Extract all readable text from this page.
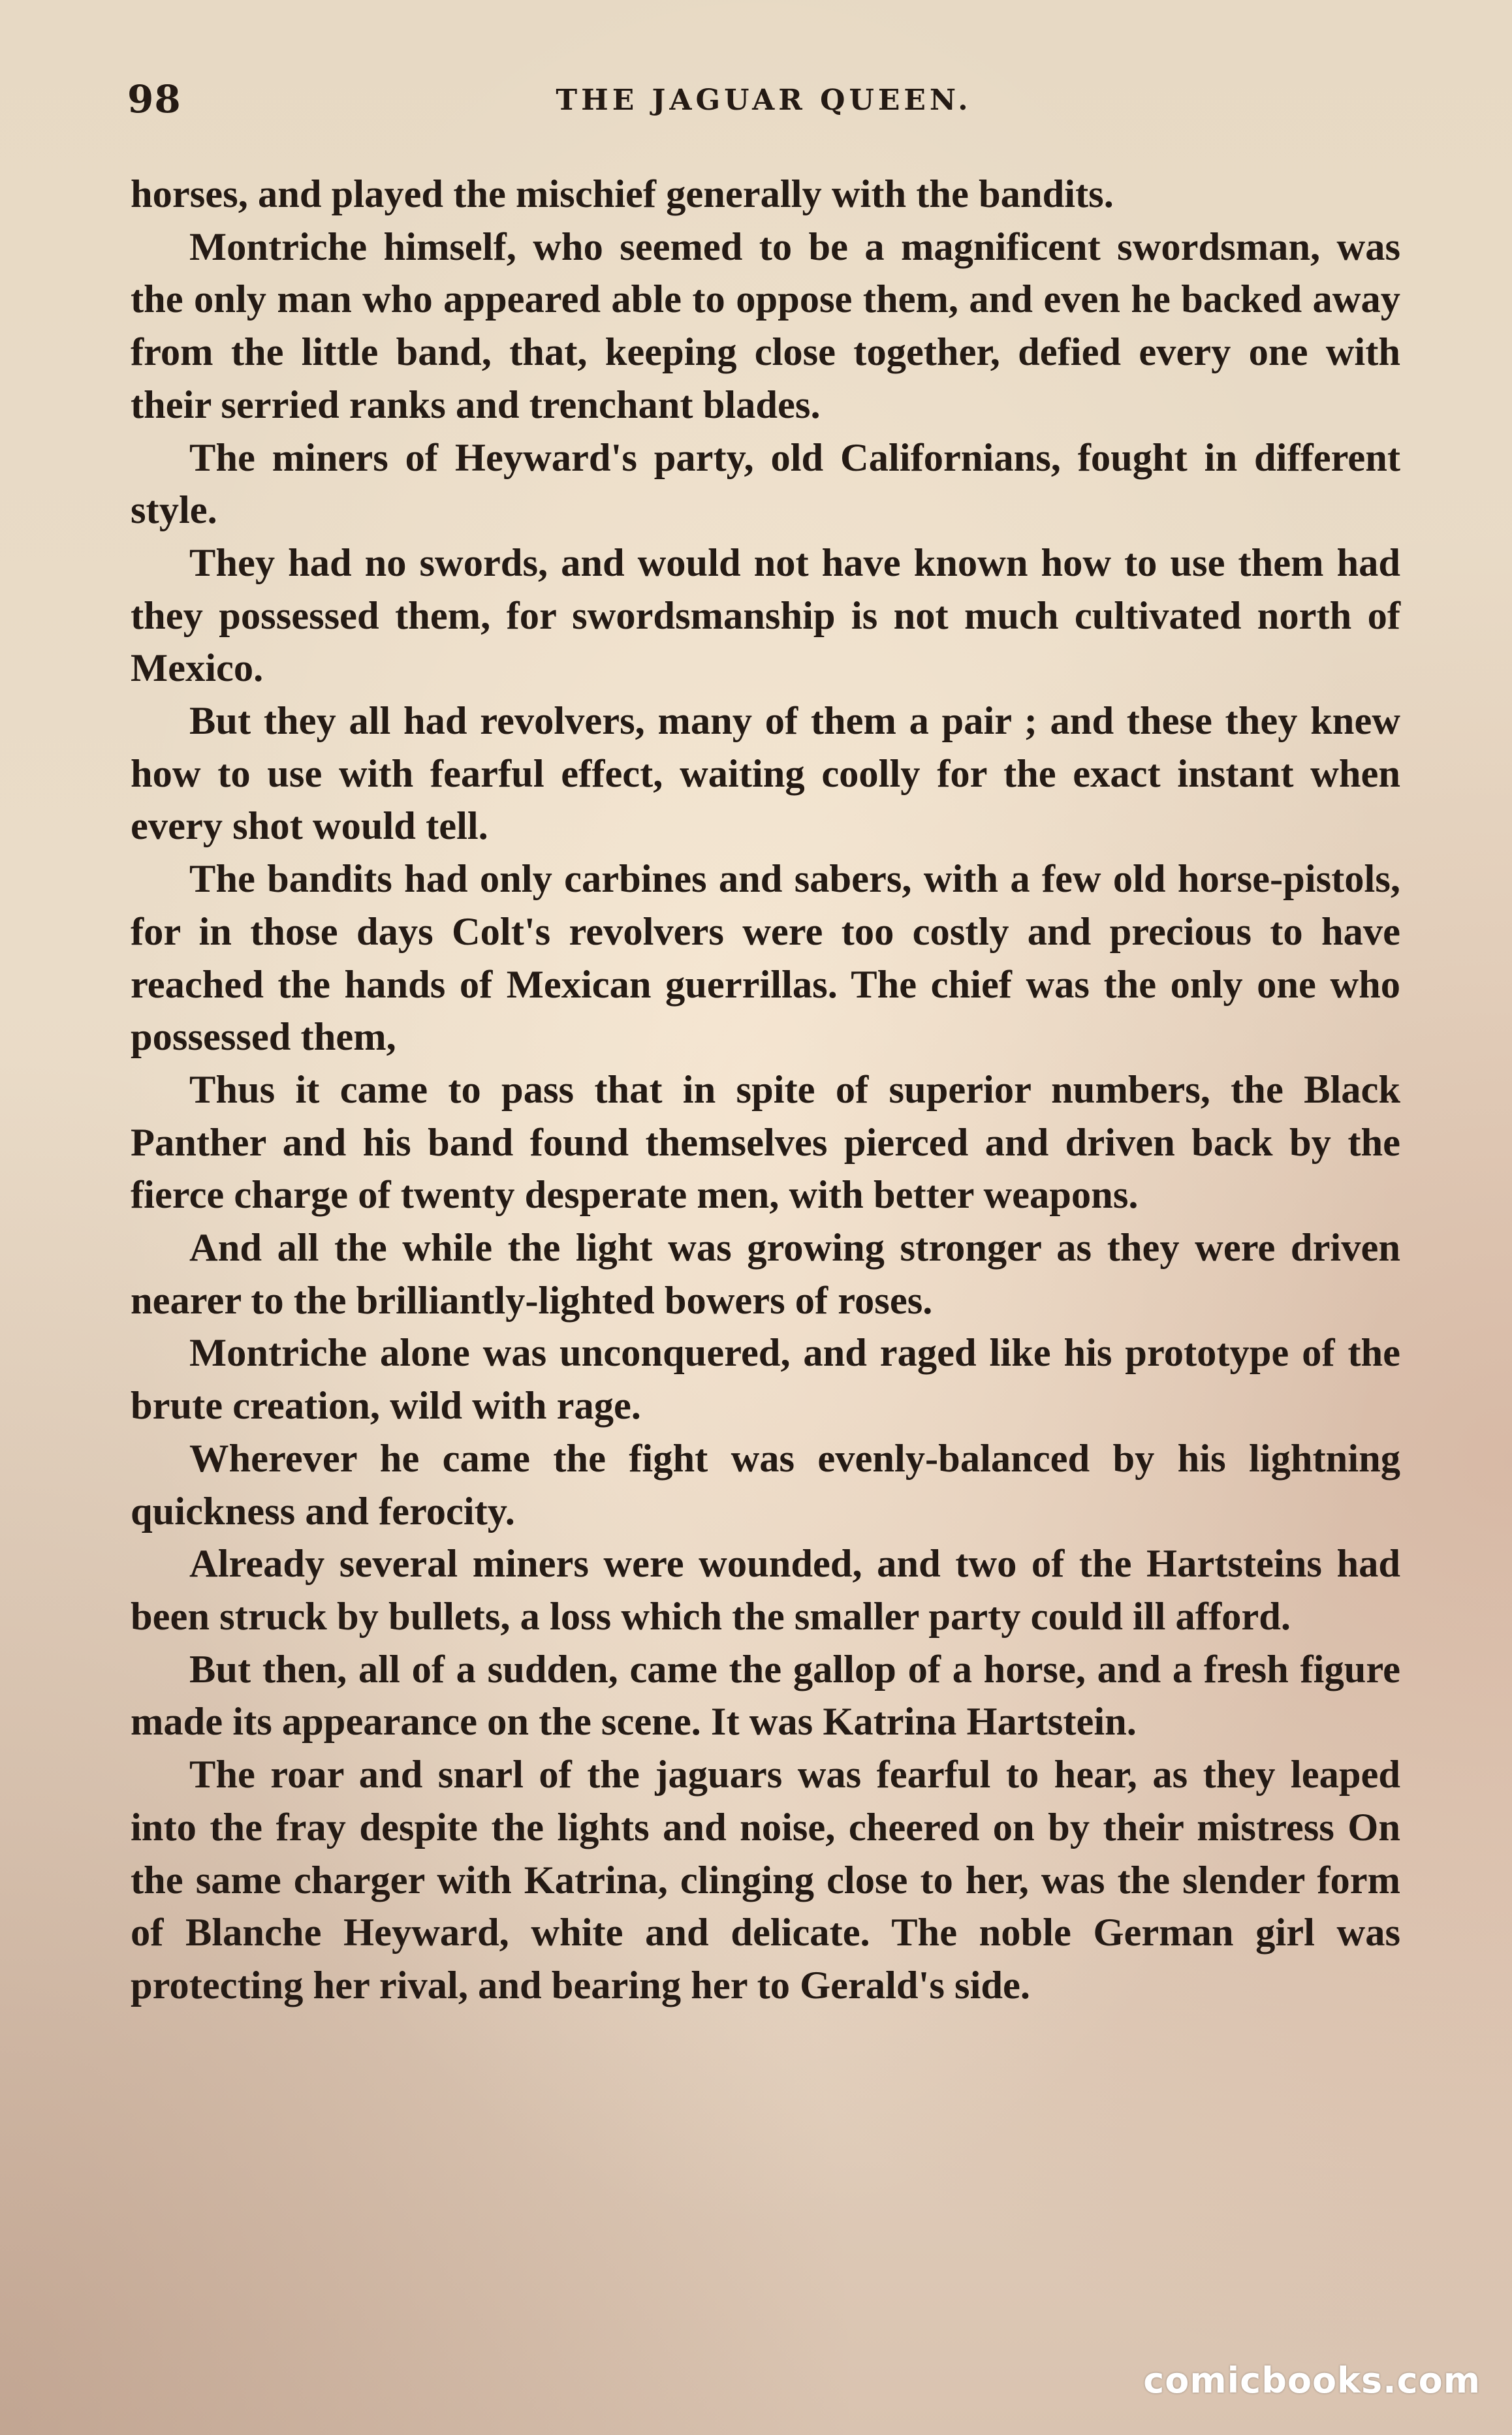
98	THE JAGUAR QUEEN.

horses, and played the mischief generally with the bandits.

Montriche himself, who seemed to be a magnificent swordsman, was the only man who appeared able to oppose them, and even he backed away from the little band, that, keeping close together, defied every one with their serried ranks and trenchant blades.

The miners of Heyward's party, old Californians, fought in different style.

They had no swords, and would not have known how to use them had they possessed them, for swordsmanship is not much cultivated north of Mexico.

But they all had revolvers, many of them a pair ; and these they knew how to use with fearful effect, waiting coolly for the exact instant when every shot would tell.

The bandits had only carbines and sabers, with a few old horse-pistols, for in those days Colt's revolvers were too costly and precious to have reached the hands of Mexican guerrillas. The chief was the only one who possessed them,

Thus it came to pass that in spite of superior numbers, the Black Panther and his band found themselves pierced and driven back by the fierce charge of twenty desperate men, with better weapons.

And all the while the light was growing stronger as they were driven nearer to the brilliantly-lighted bowers of roses.

Montriche alone was unconquered, and raged like his prototype of the brute creation, wild with rage.

Wherever he came the fight was evenly-balanced by his lightning quickness and ferocity.

Already several miners were wounded, and two of the Hartsteins had been struck by bullets, a loss which the smaller party could ill afford.

But then, all of a sudden, came the gallop of a horse, and a fresh figure made its appearance on the scene. It was Katrina Hartstein.

The roar and snarl of the jaguars was fearful to hear, as they leaped into the fray despite the lights and noise, cheered on by their mistress On the same charger with Katrina, clinging close to her, was the slender form of Blanche Heyward, white and delicate. The noble German girl was protecting her rival, and bearing her to Gerald's side.

comicbooks.com
